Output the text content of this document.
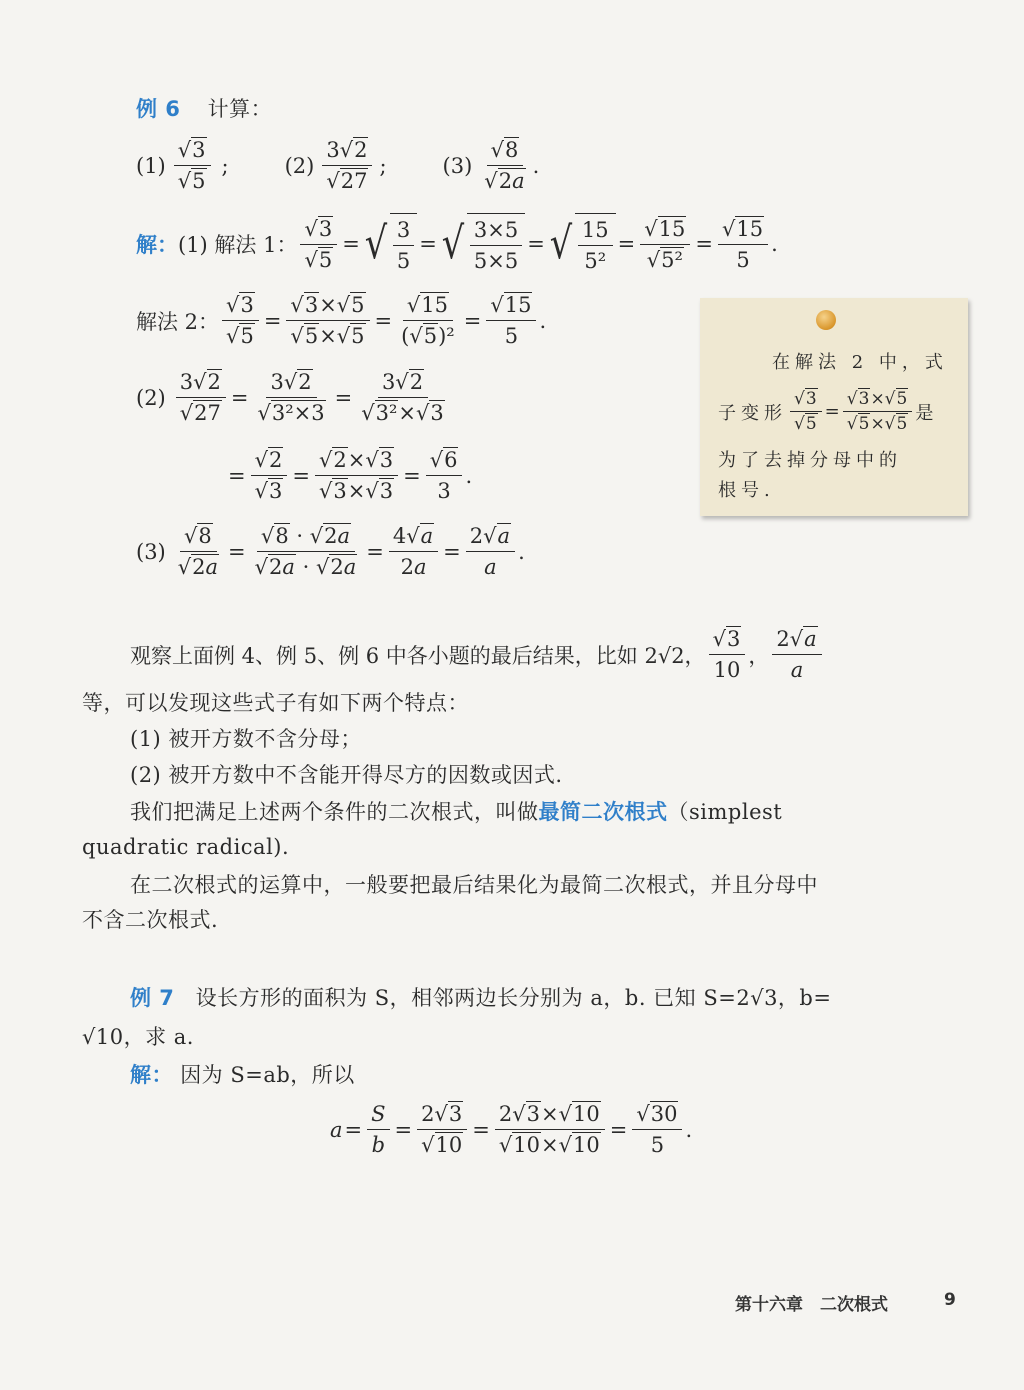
例 6 计算：
$(1) \frac{√3}{√5}$ ;	$(2) \frac{3√2}{√27}$ ;	$(3) \frac{√8}{√2a}$ .
解： (1) 解法 1： $\frac{√3}{√5}$ = √ $\frac{3}{5}$ = √ $\frac{3\times 5}{5\times 5}$ = √ $\frac{15}{\text{5²}} = \frac{√15}{\text{√5²}} = \frac{√15}{5}$ .
解法 2： $\frac{√3}{√5} = \frac{√3\times√5}{√5\times√5} = \frac{√15}{\text{(√5)²}} = \frac{√15}{5}$ .
$(2) \frac{3√2}{√27} = \frac{3√2}{\text{√3²×3}} = \frac{3√2}{\text{√3²×√3}}$
= $\frac{√2}{√3} = \frac{√2\times√3}{√3\times√3} = \frac{√6}{3}$ .
$(3) \frac{√8}{√2a} = \frac{√8 \cdot √2a}{√2a \cdot √2a} = \frac{4√a}{2a} = \frac{2√a}{a}$ .
在解法 2 中，式
子变形 $\frac{√3}{√5} = \frac{√3\times√5}{√5\times√5}$ 是
为了去掉分母中的
根号.
观察上面例 4、例 5、例 6 中各小题的最后结果，比如 2√2， $\frac{√3}{10}$ ， $\frac{2√a}{a}$
等，可以发现这些式子有如下两个特点：
(1) 被开方数不含分母；
(2) 被开方数中不含能开得尽方的因数或因式.
我们把满足上述两个条件的二次根式，叫做最简二次根式（simplest
quadratic radical).
在二次根式的运算中，一般要把最后结果化为最简二次根式，并且分母中
不含二次根式.
例 7 设长方形的面积为 S，相邻两边长分别为 a，b. 已知 S=2√3，b=
√10，求 a.
解： 因为 S=ab，所以
$a = \frac{S}{b} = \frac{2√3}{√10} = \frac{2√3\times√10}{√10\times√10} = \frac{√30}{5}$ .
第十六章　二次根式	9
